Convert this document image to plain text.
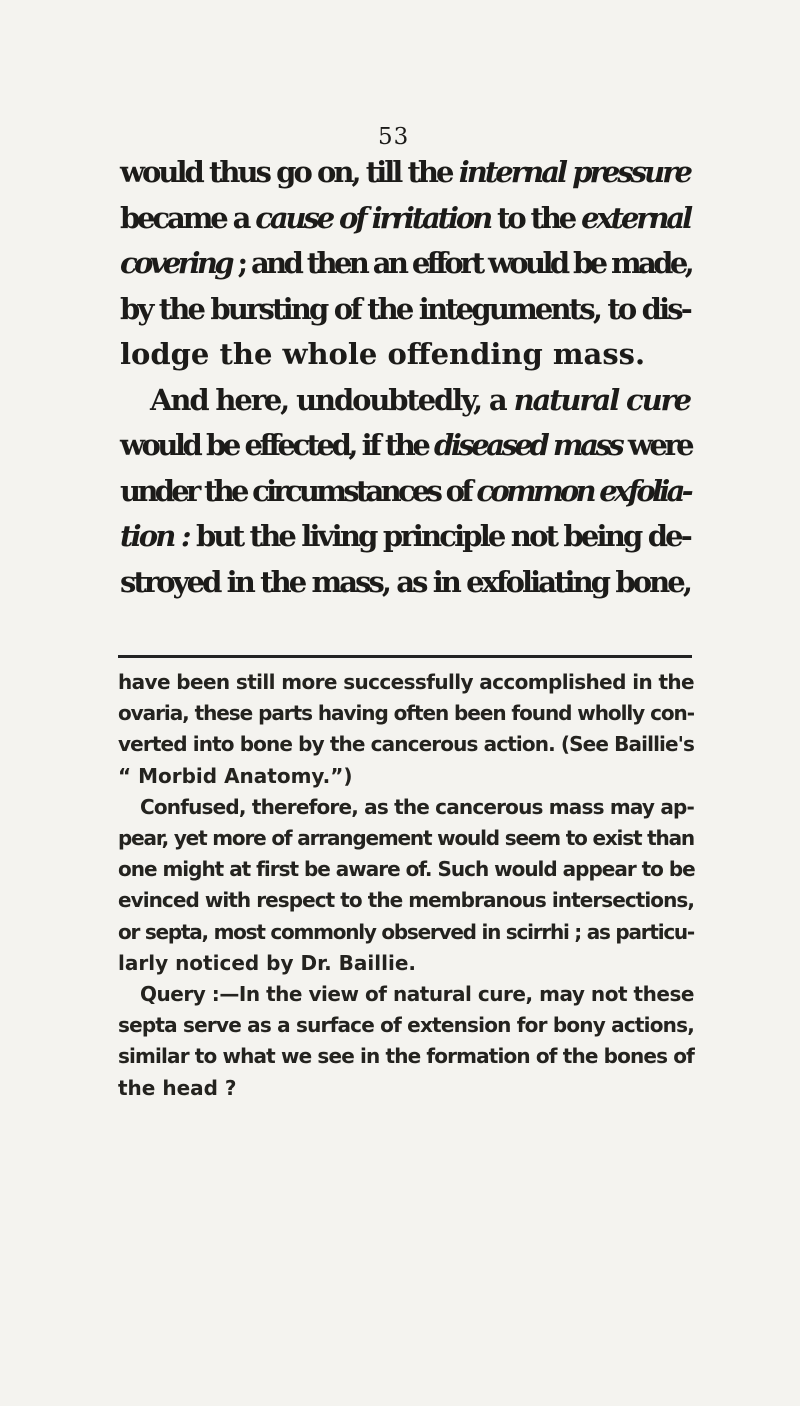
53
would thus go on, till the internal pressure
became a cause of irritation to the external
covering ; and then an effort would be made,
by the bursting of the integuments, to dis-
lodge the whole offending mass.
And here, undoubtedly, a natural cure
would be effected, if the diseased mass were
under the circumstances of common exfolia-
tion : but the living principle not being de-
stroyed in the mass, as in exfoliating bone,
have been still more successfully accomplished in the
ovaria, these parts having often been found wholly con-
verted into bone by the cancerous action. (See Baillie's
“ Morbid Anatomy.”)
Confused, therefore, as the cancerous mass may ap-
pear, yet more of arrangement would seem to exist than
one might at first be aware of. Such would appear to be
evinced with respect to the membranous intersections,
or septa, most commonly observed in scirrhi ; as particu-
larly noticed by Dr. Baillie.
Query :—In the view of natural cure, may not these
septa serve as a surface of extension for bony actions,
similar to what we see in the formation of the bones of
the head ?
